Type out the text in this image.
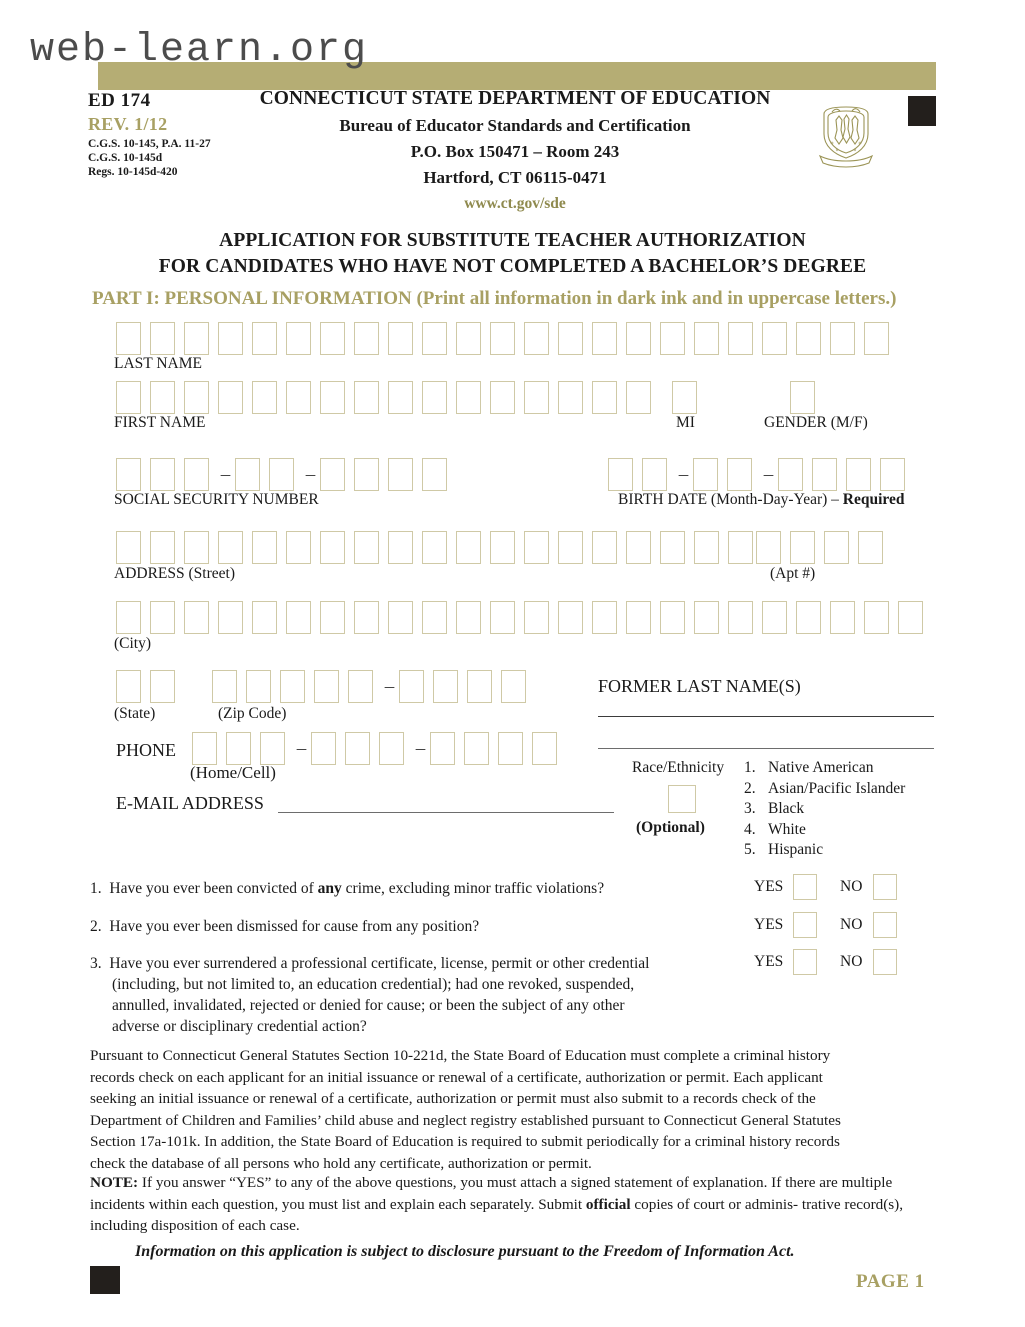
web-learn.org
ED 174
REV. 1/12
C.G.S. 10-145, P.A. 11-27
C.G.S. 10-145d
Regs. 10-145d-420
CONNECTICUT STATE DEPARTMENT OF EDUCATION
Bureau of Educator Standards and Certification
P.O. Box 150471 – Room 243
Hartford, CT 06115-0471
www.ct.gov/sde
APPLICATION FOR SUBSTITUTE TEACHER AUTHORIZATION
FOR CANDIDATES WHO HAVE NOT COMPLETED A BACHELOR’S DEGREE
PART I: PERSONAL INFORMATION (Print all information in dark ink and in uppercase letters.)
LAST NAME
FIRST NAME	MI	GENDER (M/F)
–	–
SOCIAL SECURITY NUMBER
–	–
BIRTH DATE (Month-Day-Year) – Required
ADDRESS (Street)	(Apt #)
(City)
(State)
–
(Zip Code)
PHONE	–	–
(Home/Cell)
E-MAIL ADDRESS
FORMER LAST NAME(S)
Race/Ethnicity
(Optional)
1. Native American
2. Asian/Pacific Islander
3. Black
4. White
5. Hispanic
1.  Have you ever been convicted of any crime, excluding minor traffic violations?	YES	NO
2.  Have you ever been dismissed for cause from any position?	YES	NO
3.  Have you ever surrendered a professional certificate, license, permit or other credential
(including, but not limited to, an education credential); had one revoked, suspended,
annulled, invalidated, rejected or denied for cause; or been the subject of any other
adverse or disciplinary credential action?
YES	NO
Pursuant to Connecticut General Statutes Section 10-221d, the State Board of Education must complete a criminal history
records check on each applicant for an initial issuance or renewal of a certificate, authorization or permit. Each applicant
seeking an initial issuance or renewal of a certificate, authorization or permit must also submit to a records check of the
Department of Children and Families’ child abuse and neglect registry established pursuant to Connecticut General Statutes
Section 17a-101k. In addition, the State Board of Education is required to submit periodically for a criminal history records
check the database of all persons who hold any certificate, authorization or permit.
NOTE: If you answer “YES” to any of the above questions, you must attach a signed statement of explanation. If there are multiple incidents within each question, you must list and explain each separately. Submit official copies of court or adminis- trative record(s), including disposition of each case.
Information on this application is subject to disclosure pursuant to the Freedom of Information Act.
PAGE 1
